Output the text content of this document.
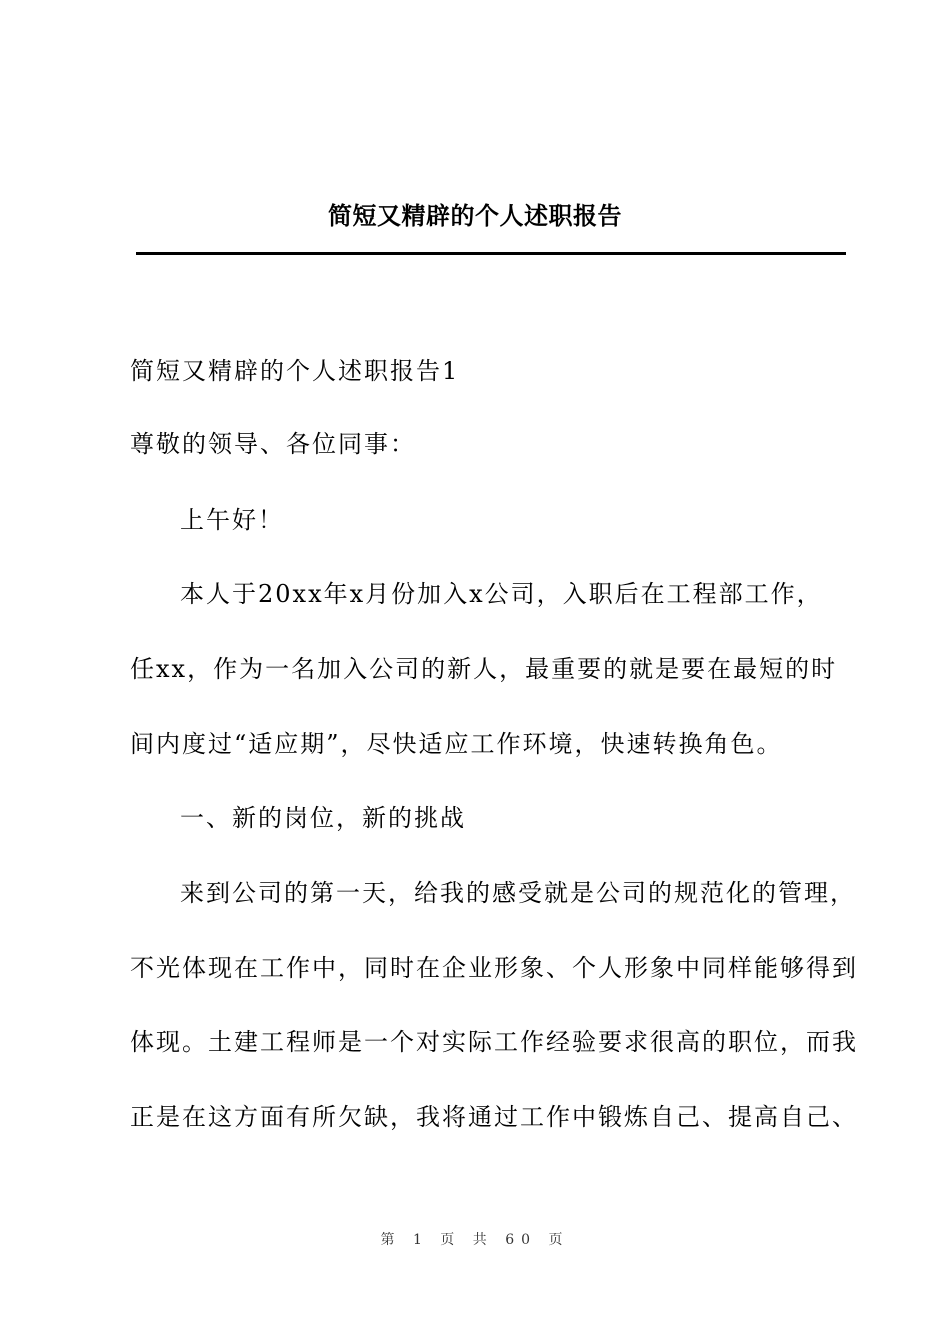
简短又精辟的个人述职报告
简短又精辟的个人述职报告1
尊敬的领导、各位同事：
上午好！
本人于20xx年x月份加入x公司，入职后在工程部工作，
任xx，作为一名加入公司的新人，最重要的就是要在最短的时
间内度过“适应期”，尽快适应工作环境，快速转换角色。
一、新的岗位，新的挑战
来到公司的第一天，给我的感受就是公司的规范化的管理，
不光体现在工作中，同时在企业形象、个人形象中同样能够得到
体现。土建工程师是一个对实际工作经验要求很高的职位，而我
正是在这方面有所欠缺，我将通过工作中锻炼自己、提高自己、
第 1 页 共 60 页
